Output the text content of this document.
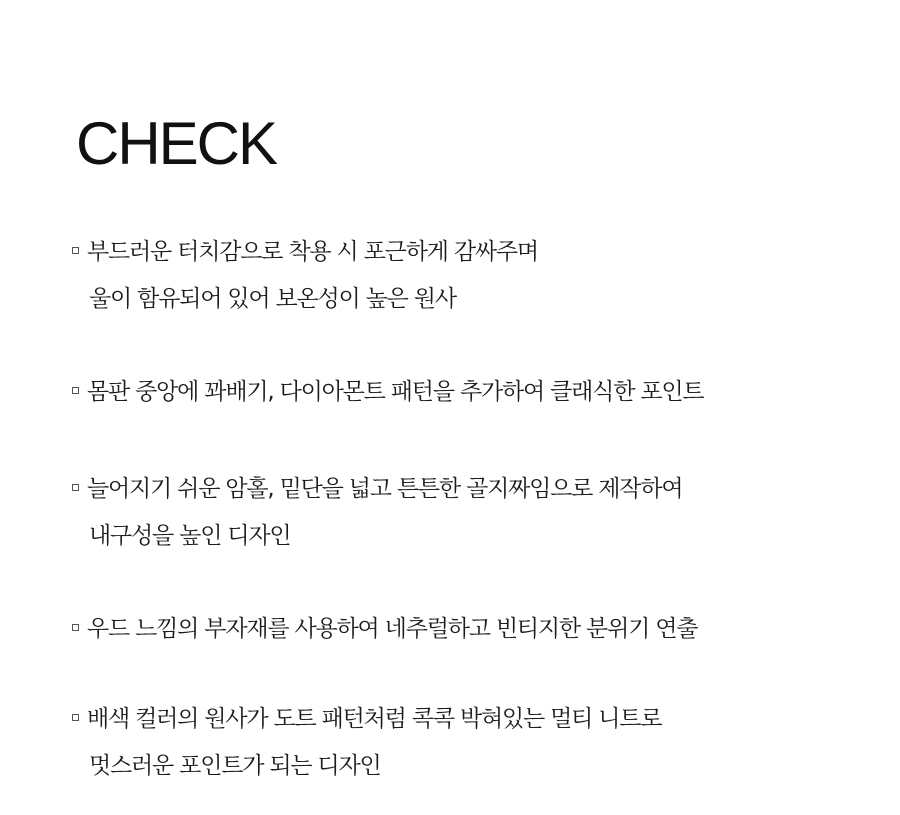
CHECK
부드러운 터치감으로 착용 시 포근하게 감싸주며
울이 함유되어 있어 보온성이 높은 원사
몸판 중앙에 꽈배기, 다이아몬트 패턴을 추가하여 클래식한 포인트
늘어지기 쉬운 암홀, 밑단을 넓고 튼튼한 골지짜임으로 제작하여
내구성을 높인 디자인
우드 느낌의 부자재를 사용하여 네추럴하고 빈티지한 분위기 연출
배색 컬러의 원사가 도트 패턴처럼 콕콕 박혀있는 멀티 니트로
멋스러운 포인트가 되는 디자인
